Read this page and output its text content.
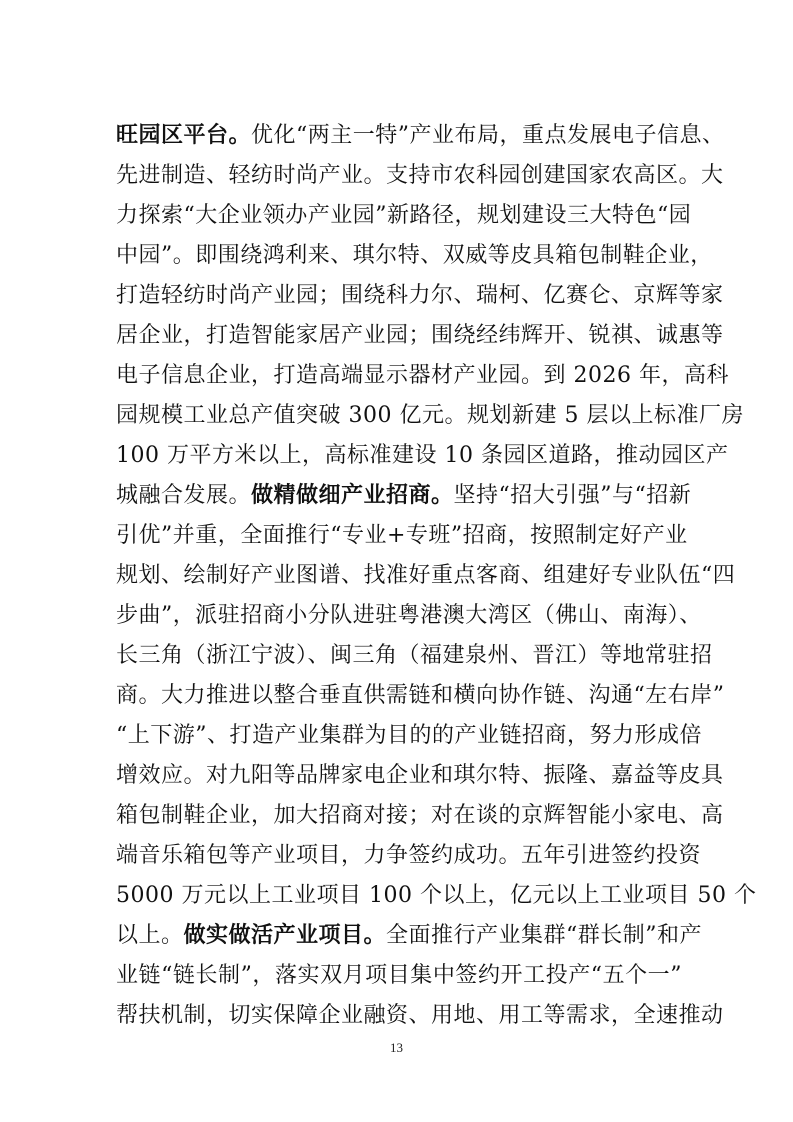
旺园区平台。优化“两主一特”产业布局，重点发展电子信息、
先进制造、轻纺时尚产业。支持市农科园创建国家农高区。大
力探索“大企业领办产业园”新路径，规划建设三大特色“园
中园”。即围绕鸿利来、琪尔特、双威等皮具箱包制鞋企业，
打造轻纺时尚产业园；围绕科力尔、瑞柯、亿赛仑、京辉等家
居企业，打造智能家居产业园；围绕经纬辉开、锐祺、诚惠等
电子信息企业，打造高端显示器材产业园。到 2026 年，高科
园规模工业总产值突破 300 亿元。规划新建 5 层以上标准厂房
100 万平方米以上，高标准建设 10 条园区道路，推动园区产
城融合发展。做精做细产业招商。坚持“招大引强”与“招新
引优”并重，全面推行“专业+专班”招商，按照制定好产业
规划、绘制好产业图谱、找准好重点客商、组建好专业队伍“四
步曲”，派驻招商小分队进驻粤港澳大湾区（佛山、南海）、
长三角（浙江宁波）、闽三角（福建泉州、晋江）等地常驻招
商。大力推进以整合垂直供需链和横向协作链、沟通“左右岸”
“上下游”、打造产业集群为目的的产业链招商，努力形成倍
增效应。对九阳等品牌家电企业和琪尔特、振隆、嘉益等皮具
箱包制鞋企业，加大招商对接；对在谈的京辉智能小家电、高
端音乐箱包等产业项目，力争签约成功。五年引进签约投资
5000 万元以上工业项目 100 个以上，亿元以上工业项目 50 个
以上。做实做活产业项目。全面推行产业集群“群长制”和产
业链“链长制”，落实双月项目集中签约开工投产“五个一”
帮扶机制，切实保障企业融资、用地、用工等需求，全速推动
13
